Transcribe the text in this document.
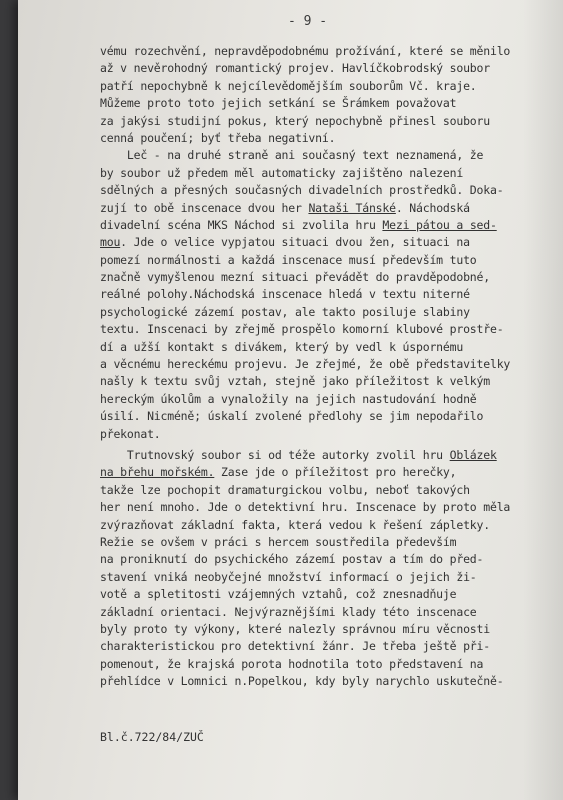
- 9 -
vému rozechvění, nepravděpodobnému prožívání, které se měnilo
až v nevěrohodný romantický projev. Havlíčkobrodský soubor
patří nepochybně k nejcílevědomějším souborům Vč. kraje.
Můžeme proto toto jejich setkání se Šrámkem považovat
za jakýsi studijní pokus, který nepochybně přinesl souboru
cenná poučení; byť třeba negativní.
Leč - na druhé straně ani současný text neznamená, že
by soubor už předem měl automaticky zajištěno nalezení
sdělných a přesných současných divadelních prostředků. Doka-
zují to obě inscenace dvou her Nataši Tánské. Náchodská
divadelní scéna MKS Náchod si zvolila hru Mezi pátou a sed-
mou. Jde o velice vypjatou situaci dvou žen, situaci na
pomezí normálnosti a každá inscenace musí především tuto
značně vymyšlenou mezní situaci převádět do pravděpodobné,
reálné polohy.Náchodská inscenace hledá v textu niterné
psychologické zázemí postav, ale takto posiluje slabiny
textu. Inscenaci by zřejmě prospělo komorní klubové prostře-
dí a užší kontakt s divákem, který by vedl k úspornému
a věcnému hereckému projevu. Je zřejmé, že obě představitelky
našly k textu svůj vztah, stejně jako příležitost k velkým
hereckým úkolům a vynaložily na jejich nastudování hodně
úsilí. Nicméně; úskalí zvolené předlohy se jim nepodařilo
překonat.
Trutnovský soubor si od téže autorky zvolil hru Oblázek
na břehu mořském. Zase jde o příležitost pro herečky,
takže lze pochopit dramaturgickou volbu, neboť takových
her není mnoho. Jde o detektivní hru. Inscenace by proto měla
zvýrazňovat základní fakta, která vedou k řešení zápletky.
Režie se ovšem v práci s hercem soustředila především
na proniknutí do psychického zázemí postav a tím do před-
stavení vniká neobyčejné množství informací o jejich ži-
votě a spletitosti vzájemných vztahů, což znesnadňuje
základní orientaci. Nejvýraznějšími klady této inscenace
byly proto ty výkony, které nalezly správnou míru věcnosti
charakteristickou pro detektivní žánr. Je třeba ještě při-
pomenout, že krajská porota hodnotila toto představení na
přehlídce v Lomnici n.Popelkou, kdy byly narychlo uskutečně-
Bl.č.722/84/ZUČ
